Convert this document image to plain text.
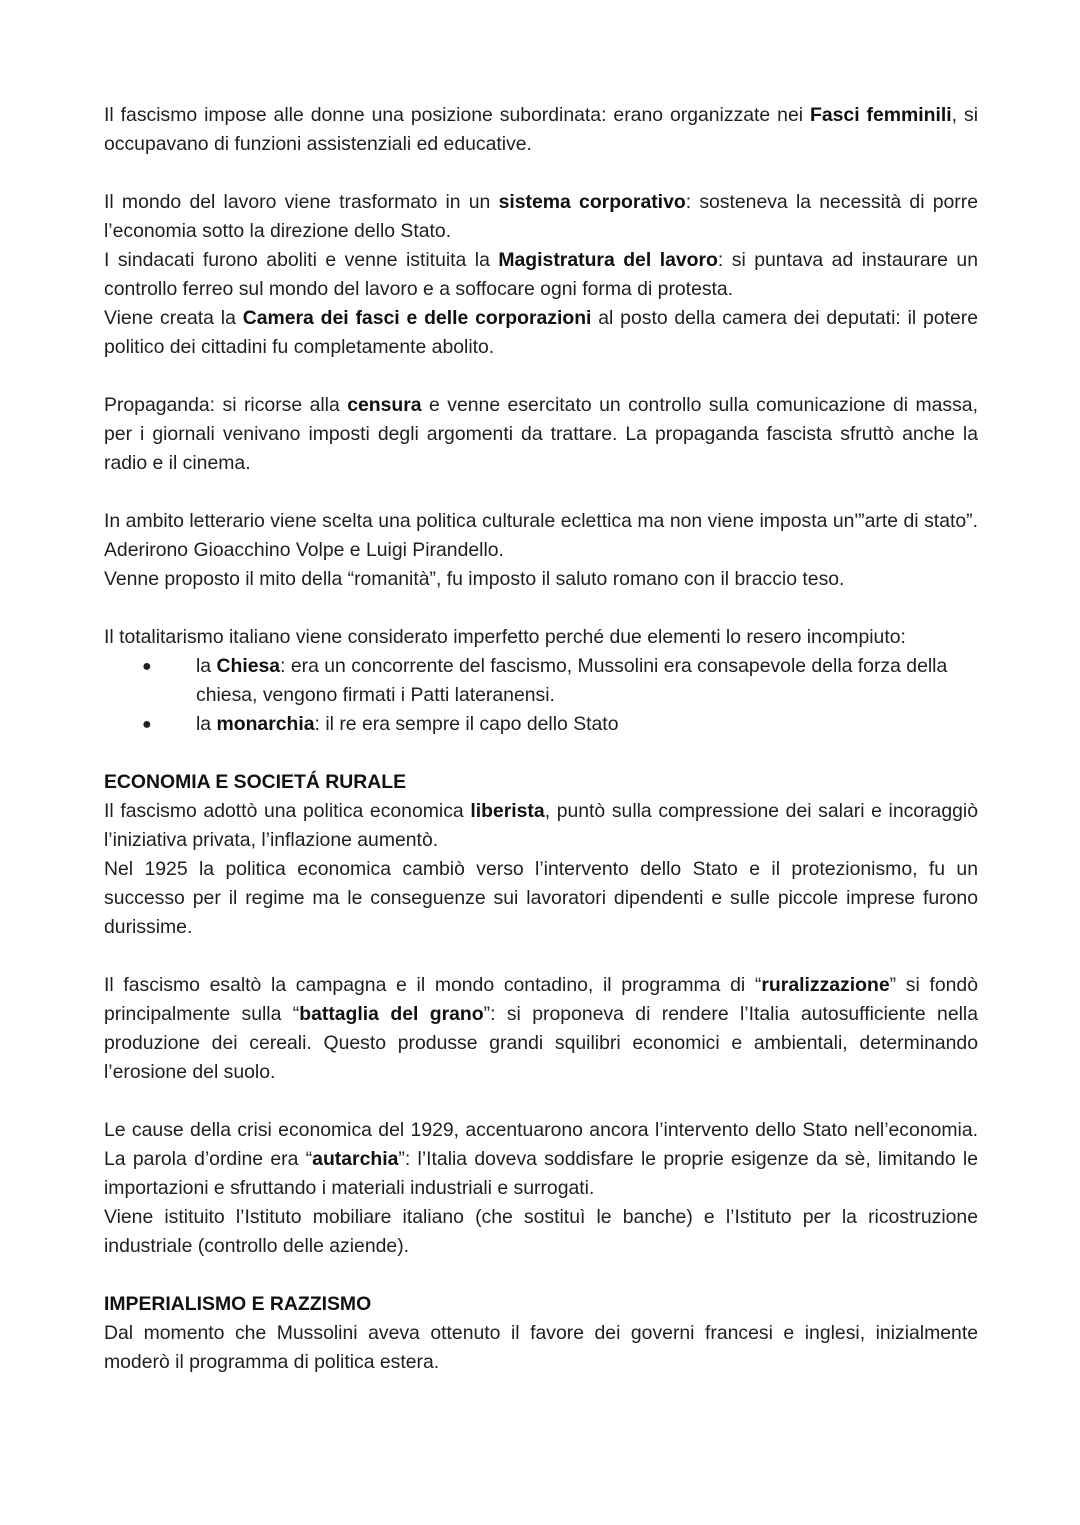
Il fascismo impose alle donne una posizione subordinata: erano organizzate nei Fasci femminili, si occupavano di funzioni assistenziali ed educative.

Il mondo del lavoro viene trasformato in un sistema corporativo: sosteneva la necessità di porre l’economia sotto la direzione dello Stato.

I sindacati furono aboliti e venne istituita la Magistratura del lavoro: si puntava ad instaurare un controllo ferreo sul mondo del lavoro e a soffocare ogni forma di protesta.

Viene creata la Camera dei fasci e delle corporazioni al posto della camera dei deputati: il potere politico dei cittadini fu completamente abolito.

Propaganda: si ricorse alla censura e venne esercitato un controllo sulla comunicazione di massa, per i giornali venivano imposti degli argomenti da trattare. La propaganda fascista sfruttò anche la radio e il cinema.

In ambito letterario viene scelta una politica culturale eclettica ma non viene imposta un'”arte di stato”. Aderirono Gioacchino Volpe e Luigi Pirandello.

Venne proposto il mito della “romanità”, fu imposto il saluto romano con il braccio teso.

Il totalitarismo italiano viene considerato imperfetto perché due elementi lo resero incompiuto:

● la Chiesa: era un concorrente del fascismo, Mussolini era consapevole della forza della chiesa, vengono firmati i Patti lateranensi.
● la monarchia: il re era sempre il capo dello Stato

ECONOMIA E SOCIETÁ RURALE

Il fascismo adottò una politica economica liberista, puntò sulla compressione dei salari e incoraggiò l’iniziativa privata, l’inflazione aumentò.

Nel 1925 la politica economica cambiò verso l’intervento dello Stato e il protezionismo, fu un successo per il regime ma le conseguenze sui lavoratori dipendenti e sulle piccole imprese furono durissime.

Il fascismo esaltò la campagna e il mondo contadino, il programma di “ruralizzazione” si fondò principalmente sulla “battaglia del grano”: si proponeva di rendere l’Italia autosufficiente nella produzione dei cereali. Questo produsse grandi squilibri economici e ambientali, determinando l’erosione del suolo.

Le cause della crisi economica del 1929, accentuarono ancora l’intervento dello Stato nell’economia. La parola d’ordine era “autarchia”: l’Italia doveva soddisfare le proprie esigenze da sè, limitando le importazioni e sfruttando i materiali industriali e surrogati.

Viene istituito l’Istituto mobiliare italiano (che sostituì le banche) e l’Istituto per la ricostruzione industriale (controllo delle aziende).

IMPERIALISMO E RAZZISMO

Dal momento che Mussolini aveva ottenuto il favore dei governi francesi e inglesi, inizialmente moderò il programma di politica estera.
